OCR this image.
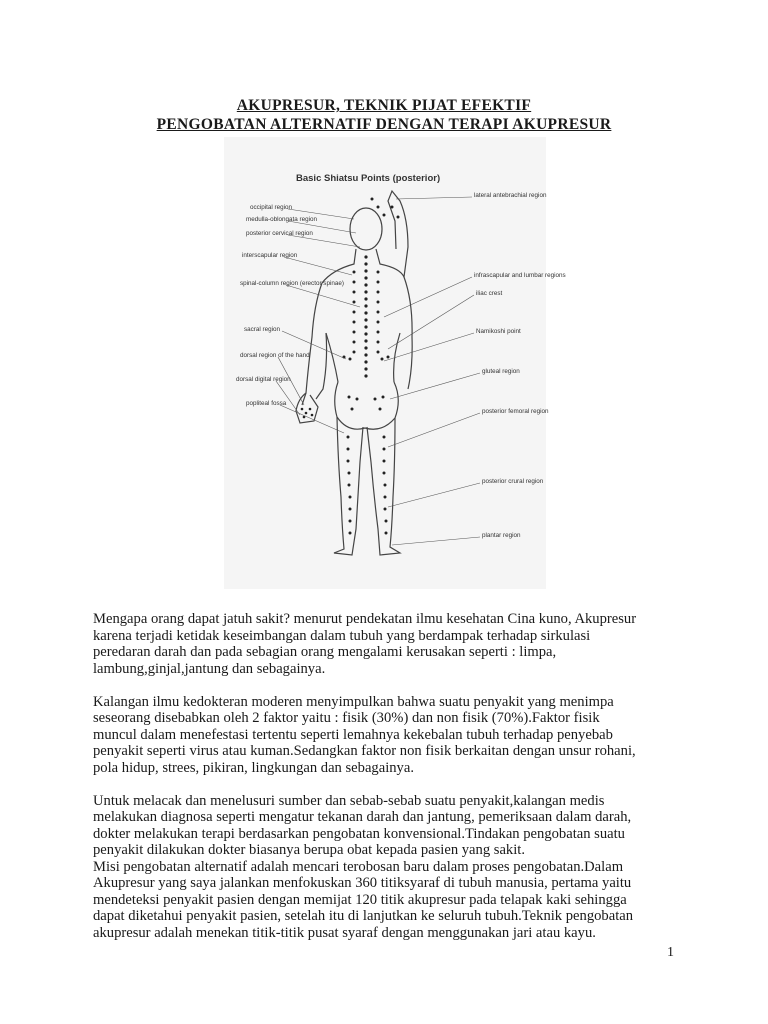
AKUPRESUR, TEKNIK PIJAT EFEKTIF
PENGOBATAN ALTERNATIF DENGAN TERAPI AKUPRESUR
Basic Shiatsu Points (posterior)
occipital region
medulla-oblongata region
posterior cervical region
interscapular region
spinal-column region (erector spinae)
sacral region
dorsal region of the hand
dorsal digital region
popliteal fossa
lateral antebrachial region
infrascapular and lumbar regions
iliac crest
Namikoshi point
gluteal region
posterior femoral region
posterior crural region
plantar region

Mengapa orang dapat jatuh sakit? menurut pendekatan ilmu kesehatan Cina kuno, Akupresur
karena terjadi ketidak keseimbangan dalam tubuh yang berdampak terhadap sirkulasi
peredaran darah dan pada sebagian orang mengalami kerusakan seperti : limpa,
lambung,ginjal,jantung dan sebagainya.

Kalangan ilmu kedokteran moderen menyimpulkan bahwa suatu penyakit yang menimpa
seseorang disebabkan oleh 2 faktor yaitu : fisik (30%) dan non fisik (70%).Faktor fisik
muncul dalam menefestasi tertentu seperti lemahnya kekebalan tubuh terhadap penyebab
penyakit seperti virus atau kuman.Sedangkan faktor non fisik berkaitan dengan unsur rohani,
pola hidup, strees, pikiran, lingkungan dan sebagainya.

Untuk melacak dan menelusuri sumber dan sebab-sebab suatu penyakit,kalangan medis
melakukan diagnosa seperti mengatur tekanan darah dan jantung, pemeriksaan dalam darah,
dokter melakukan terapi berdasarkan pengobatan konvensional.Tindakan pengobatan suatu
penyakit dilakukan dokter biasanya berupa obat kepada pasien yang sakit.

Misi pengobatan alternatif adalah mencari terobosan baru dalam proses pengobatan.Dalam
Akupresur yang saya jalankan menfokuskan 360 titiksyaraf di tubuh manusia, pertama yaitu
mendeteksi penyakit pasien dengan memijat 120 titik akupresur pada telapak kaki sehingga
dapat diketahui penyakit pasien, setelah itu di lanjutkan ke seluruh tubuh.Teknik pengobatan
akupresur adalah menekan titik-titik pusat syaraf dengan menggunakan jari atau kayu.

1
